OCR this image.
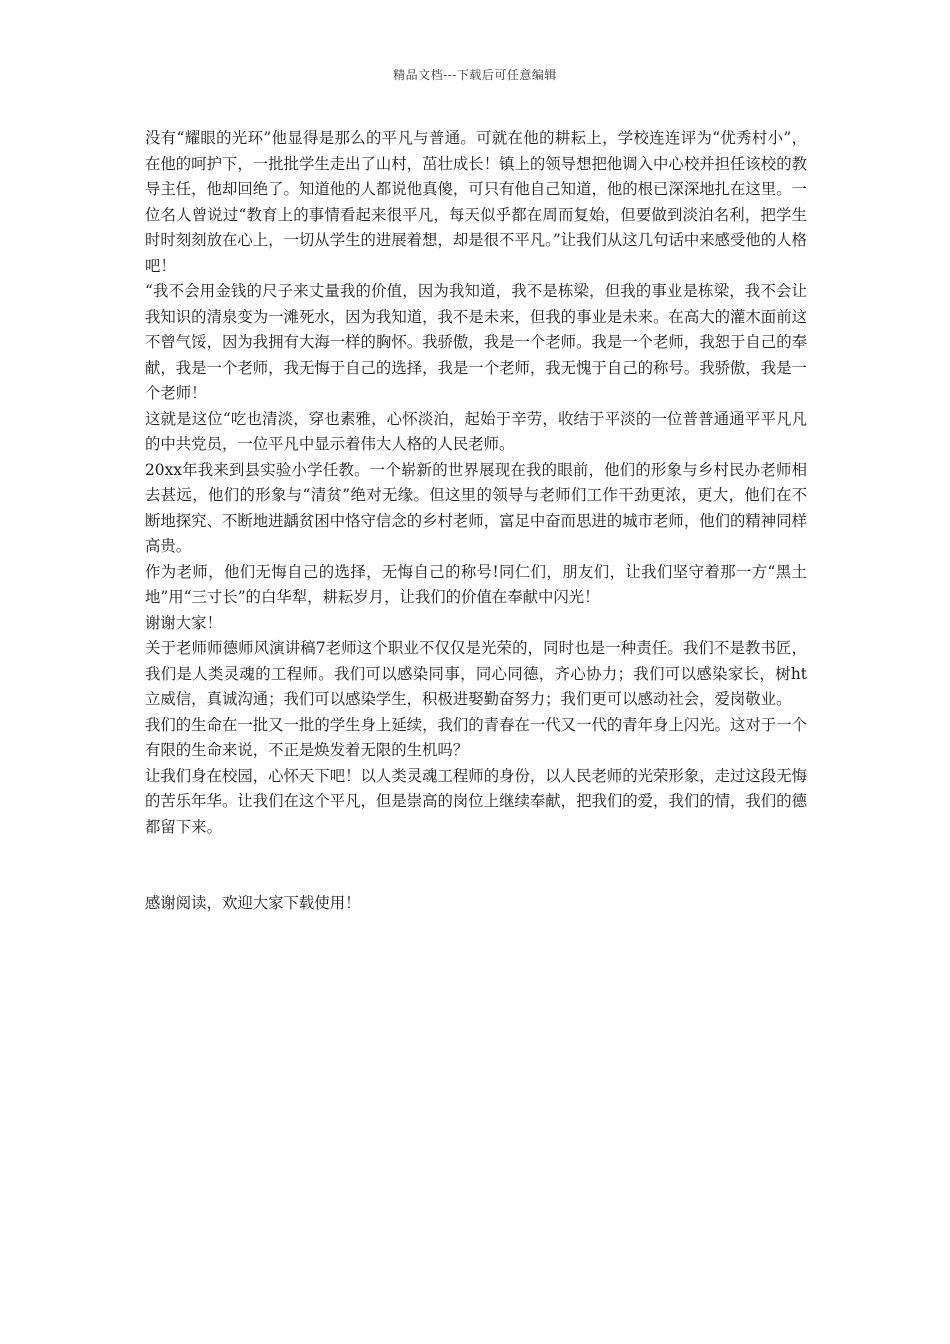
精品文档---下载后可任意编辑

没有“耀眼的光环”他显得是那么的平凡与普通。可就在他的耕耘上，学校连连评为“优秀村小”，在他的呵护下，一批批学生走出了山村，茁壮成长！镇上的领导想把他调入中心校并担任该校的教导主任，他却回绝了。知道他的人都说他真傻，可只有他自己知道，他的根已深深地扎在这里。一位名人曾说过“教育上的事情看起来很平凡，每天似乎都在周而复始，但要做到淡泊名利，把学生时时刻刻放在心上，一切从学生的进展着想，却是很不平凡。”让我们从这几句话中来感受他的人格吧！

“我不会用金钱的尺子来丈量我的价值，因为我知道，我不是栋梁，但我的事业是栋梁，我不会让我知识的清泉变为一滩死水，因为我知道，我不是未来，但我的事业是未来。在高大的灌木面前这不曾气馁，因为我拥有大海一样的胸怀。我骄傲，我是一个老师。我是一个老师，我恕于自己的奉献，我是一个老师，我无悔于自己的选择，我是一个老师，我无愧于自己的称号。我骄傲，我是一个老师！

这就是这位“吃也清淡，穿也素雅，心怀淡泊，起始于辛劳，收结于平淡的一位普普通通平平凡凡的中共党员，一位平凡中显示着伟大人格的人民老师。

20xx年我来到县实验小学任教。一个崭新的世界展现在我的眼前，他们的形象与乡村民办老师相去甚远，他们的形象与“清贫”绝对无缘。但这里的领导与老师们工作干劲更浓，更大，他们在不断地探究、不断地进龋贫困中恪守信念的乡村老师，富足中奋而思进的城市老师，他们的精神同样高贵。

作为老师，他们无悔自己的选择，无悔自己的称号!同仁们，朋友们，让我们坚守着那一方“黑土地”用“三寸长”的白华犁，耕耘岁月，让我们的价值在奉献中闪光！

谢谢大家！

关于老师师德师风演讲稿7老师这个职业不仅仅是光荣的，同时也是一种责任。我们不是教书匠，我们是人类灵魂的工程师。我们可以感染同事，同心同德，齐心协力；我们可以感染家长，树ht立威信，真诚沟通；我们可以感染学生，积极进娶勤奋努力；我们更可以感动社会，爱岗敬业。

我们的生命在一批又一批的学生身上延续，我们的青春在一代又一代的青年身上闪光。这对于一个有限的生命来说，不正是焕发着无限的生机吗？

让我们身在校园，心怀天下吧！以人类灵魂工程师的身份，以人民老师的光荣形象，走过这段无悔的苦乐年华。让我们在这个平凡，但是崇高的岗位上继续奉献，把我们的爱，我们的情，我们的德都留下来。

感谢阅读，欢迎大家下载使用！
